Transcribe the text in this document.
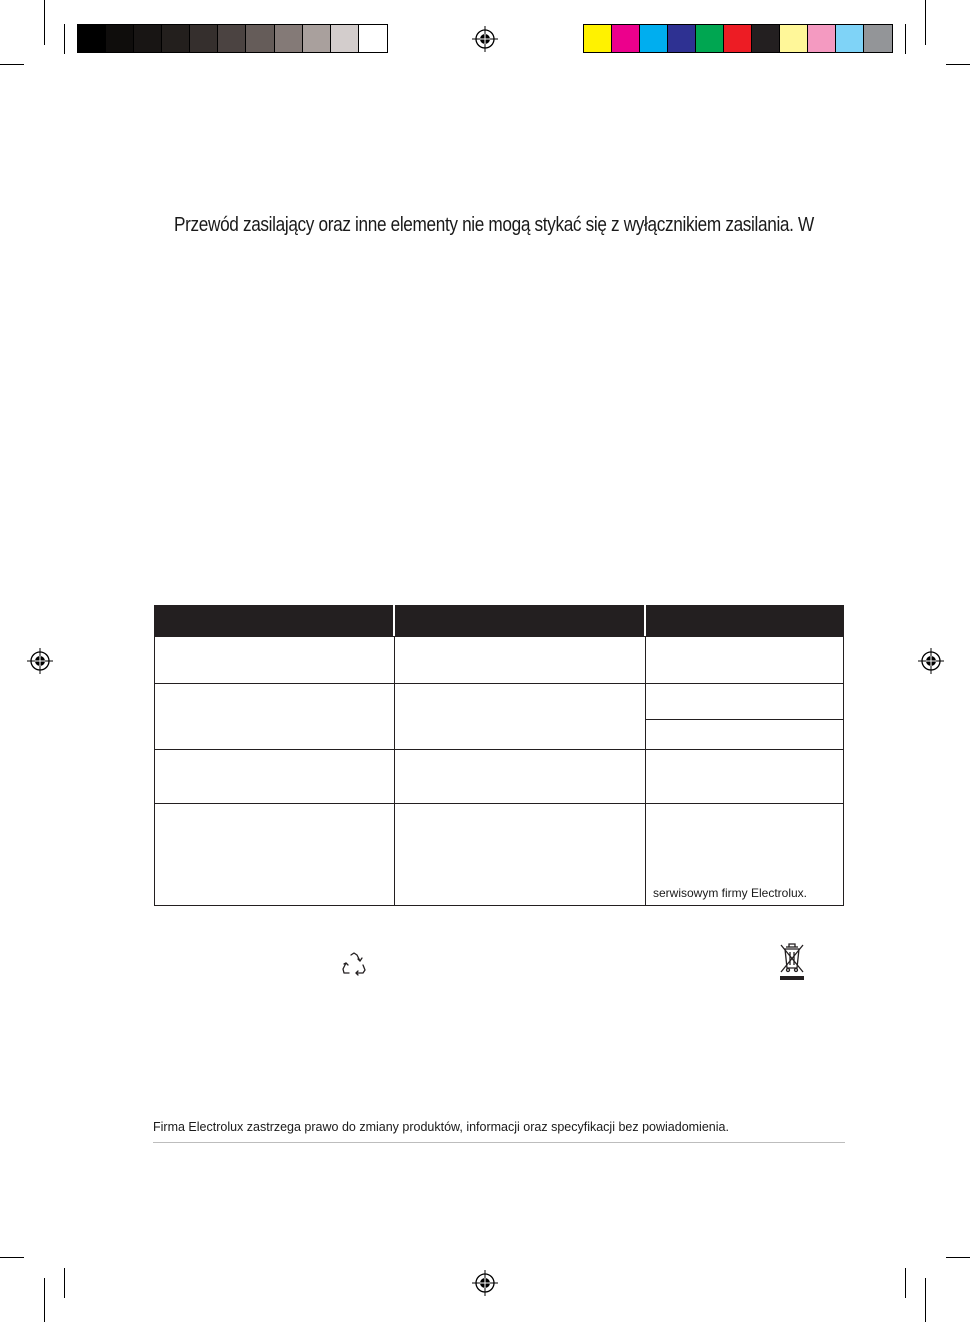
Przewód zasilający oraz inne elementy nie mogą stykać się z wyłącznikiem zasilania. W
serwisowym firmy Electrolux.
Firma Electrolux zastrzega prawo do zmiany produktów, informacji oraz specyfikacji bez powiadomienia.
